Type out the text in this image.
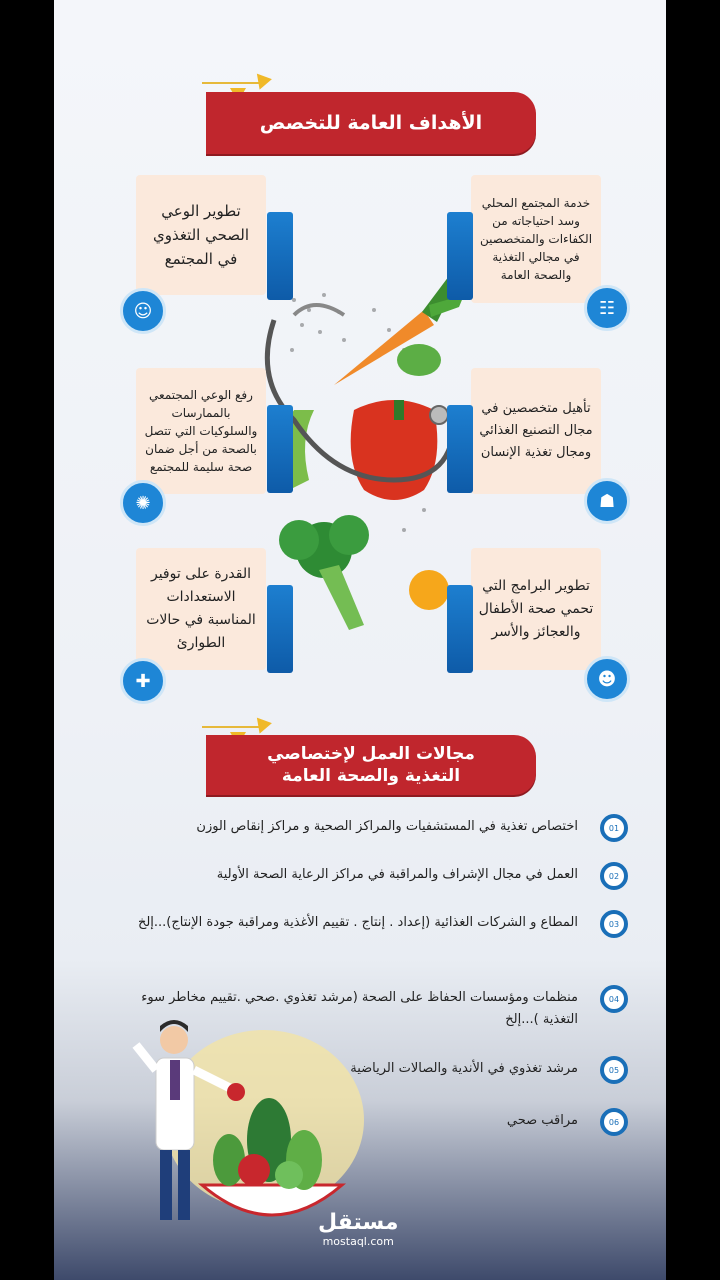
الأهداف العامة للتخصص
تطوير الوعي الصحي التغذوي في المجتمع
☺
خدمة المجتمع المحلي وسد احتياجاته من الكفاءات والمتخصصين في مجالي التغذية والصحة العامة
☷
رفع الوعي المجتمعي بالممارسات والسلوكيات التي تتصل بالصحة من أجل ضمان صحة سليمة للمجتمع
✺
تأهيل متخصصين في مجال التصنيع الغذائي ومجال تغذية الإنسان
☗
القدرة على توفير الاستعدادات المناسبة في حالات الطوارئ
✚
تطوير البرامج التي تحمي صحة الأطفال والعجائز والأسر
☻
مجالات العمل لإختصاصي
التغذية والصحة العامة
01
اختصاص تغذية في المستشفيات والمراكز الصحية و مراكز إنقاص الوزن
02
العمل في مجال الإشراف والمراقبة في مراكز الرعاية الصحة الأولية
03
المطاع و الشركات الغذائية (إعداد . إنتاج . تقييم الأغذية ومراقبة جودة الإنتاج)...إلخ
04
منظمات ومؤسسات الحفاظ على الصحة (مرشد تغذوي .صحي .تقييم مخاطر سوء التغذية )...إلخ
05
مرشد تغذوي في الأندية والصالات الرياضية
06
مراقب صحي
مستقل
mostaql.com
